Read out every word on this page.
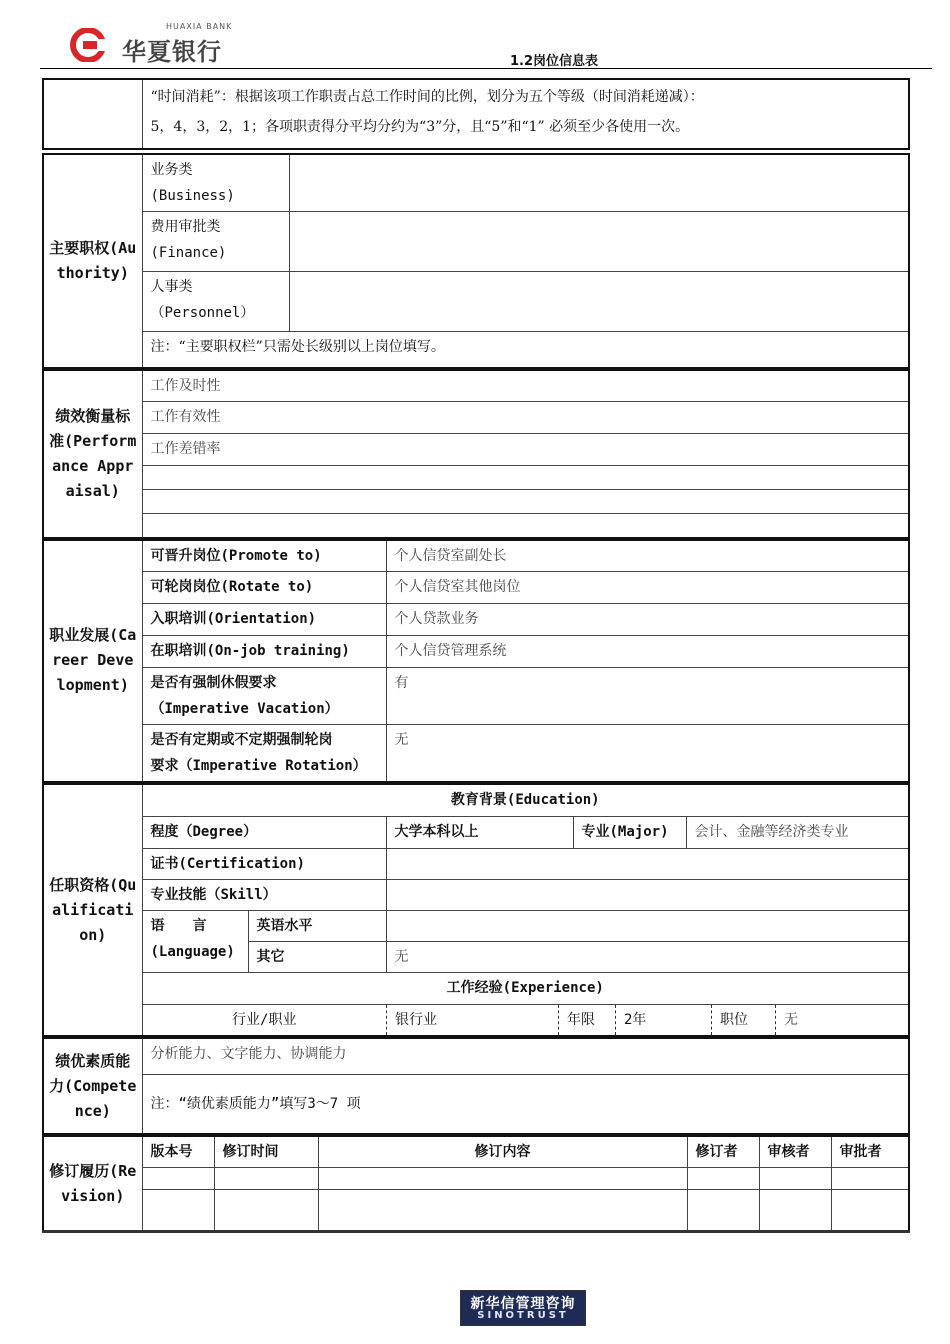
HUAXIA BANK
华夏银行	1.2岗位信息表

“时间消耗”：根据该项工作职责占总工作时间的比例，划分为五个等级（时间消耗递减）：
5，4，3，2，1；各项职责得分平均分约为“3”分，且“5”和“1” 必须至少各使用一次。
主要职权(Authority)	业务类
(Business)	

	费用审批类
(Finance)	

	人事类
（Personnel）	

	注：“主要职权栏”只需处长级别以上岗位填写。	
绩效衡量标准(Performance Appraisal)	工作及时性
工作有效性
工作差错率

职业发展(Career Development)	可晋升岗位(Promote to)	个人信贷室副处长
	可轮岗岗位(Rotate to)	个人信贷室其他岗位
	入职培训(Orientation)	个人贷款业务
	在职培训(On-job training)	个人信贷管理系统

	是否有强制休假要求
（Imperative Vacation）	有

	是否有定期或不定期强制轮岗
要求（Imperative Rotation）	无
任职资格(Qualification)	教育背景(Education)
程度（Degree）	大学本科以上	专业(Major)	会计、金融等经济类专业
证书(Certification)	
专业技能（Skill）	

语　　言
(Language)
	英语水平	
其它	无
工作经验(Experience)

行业/职业	银行业	年限	2年	职位	无
绩优素质能力(Competence)	分析能力、文字能力、协调能力
注：“绩优素质能力”填写3～7 项
修订履历(Revision)	版本号	修订时间	修订内容	修订者	审核者	审批者

新华信管理咨询
SINOTRUST
